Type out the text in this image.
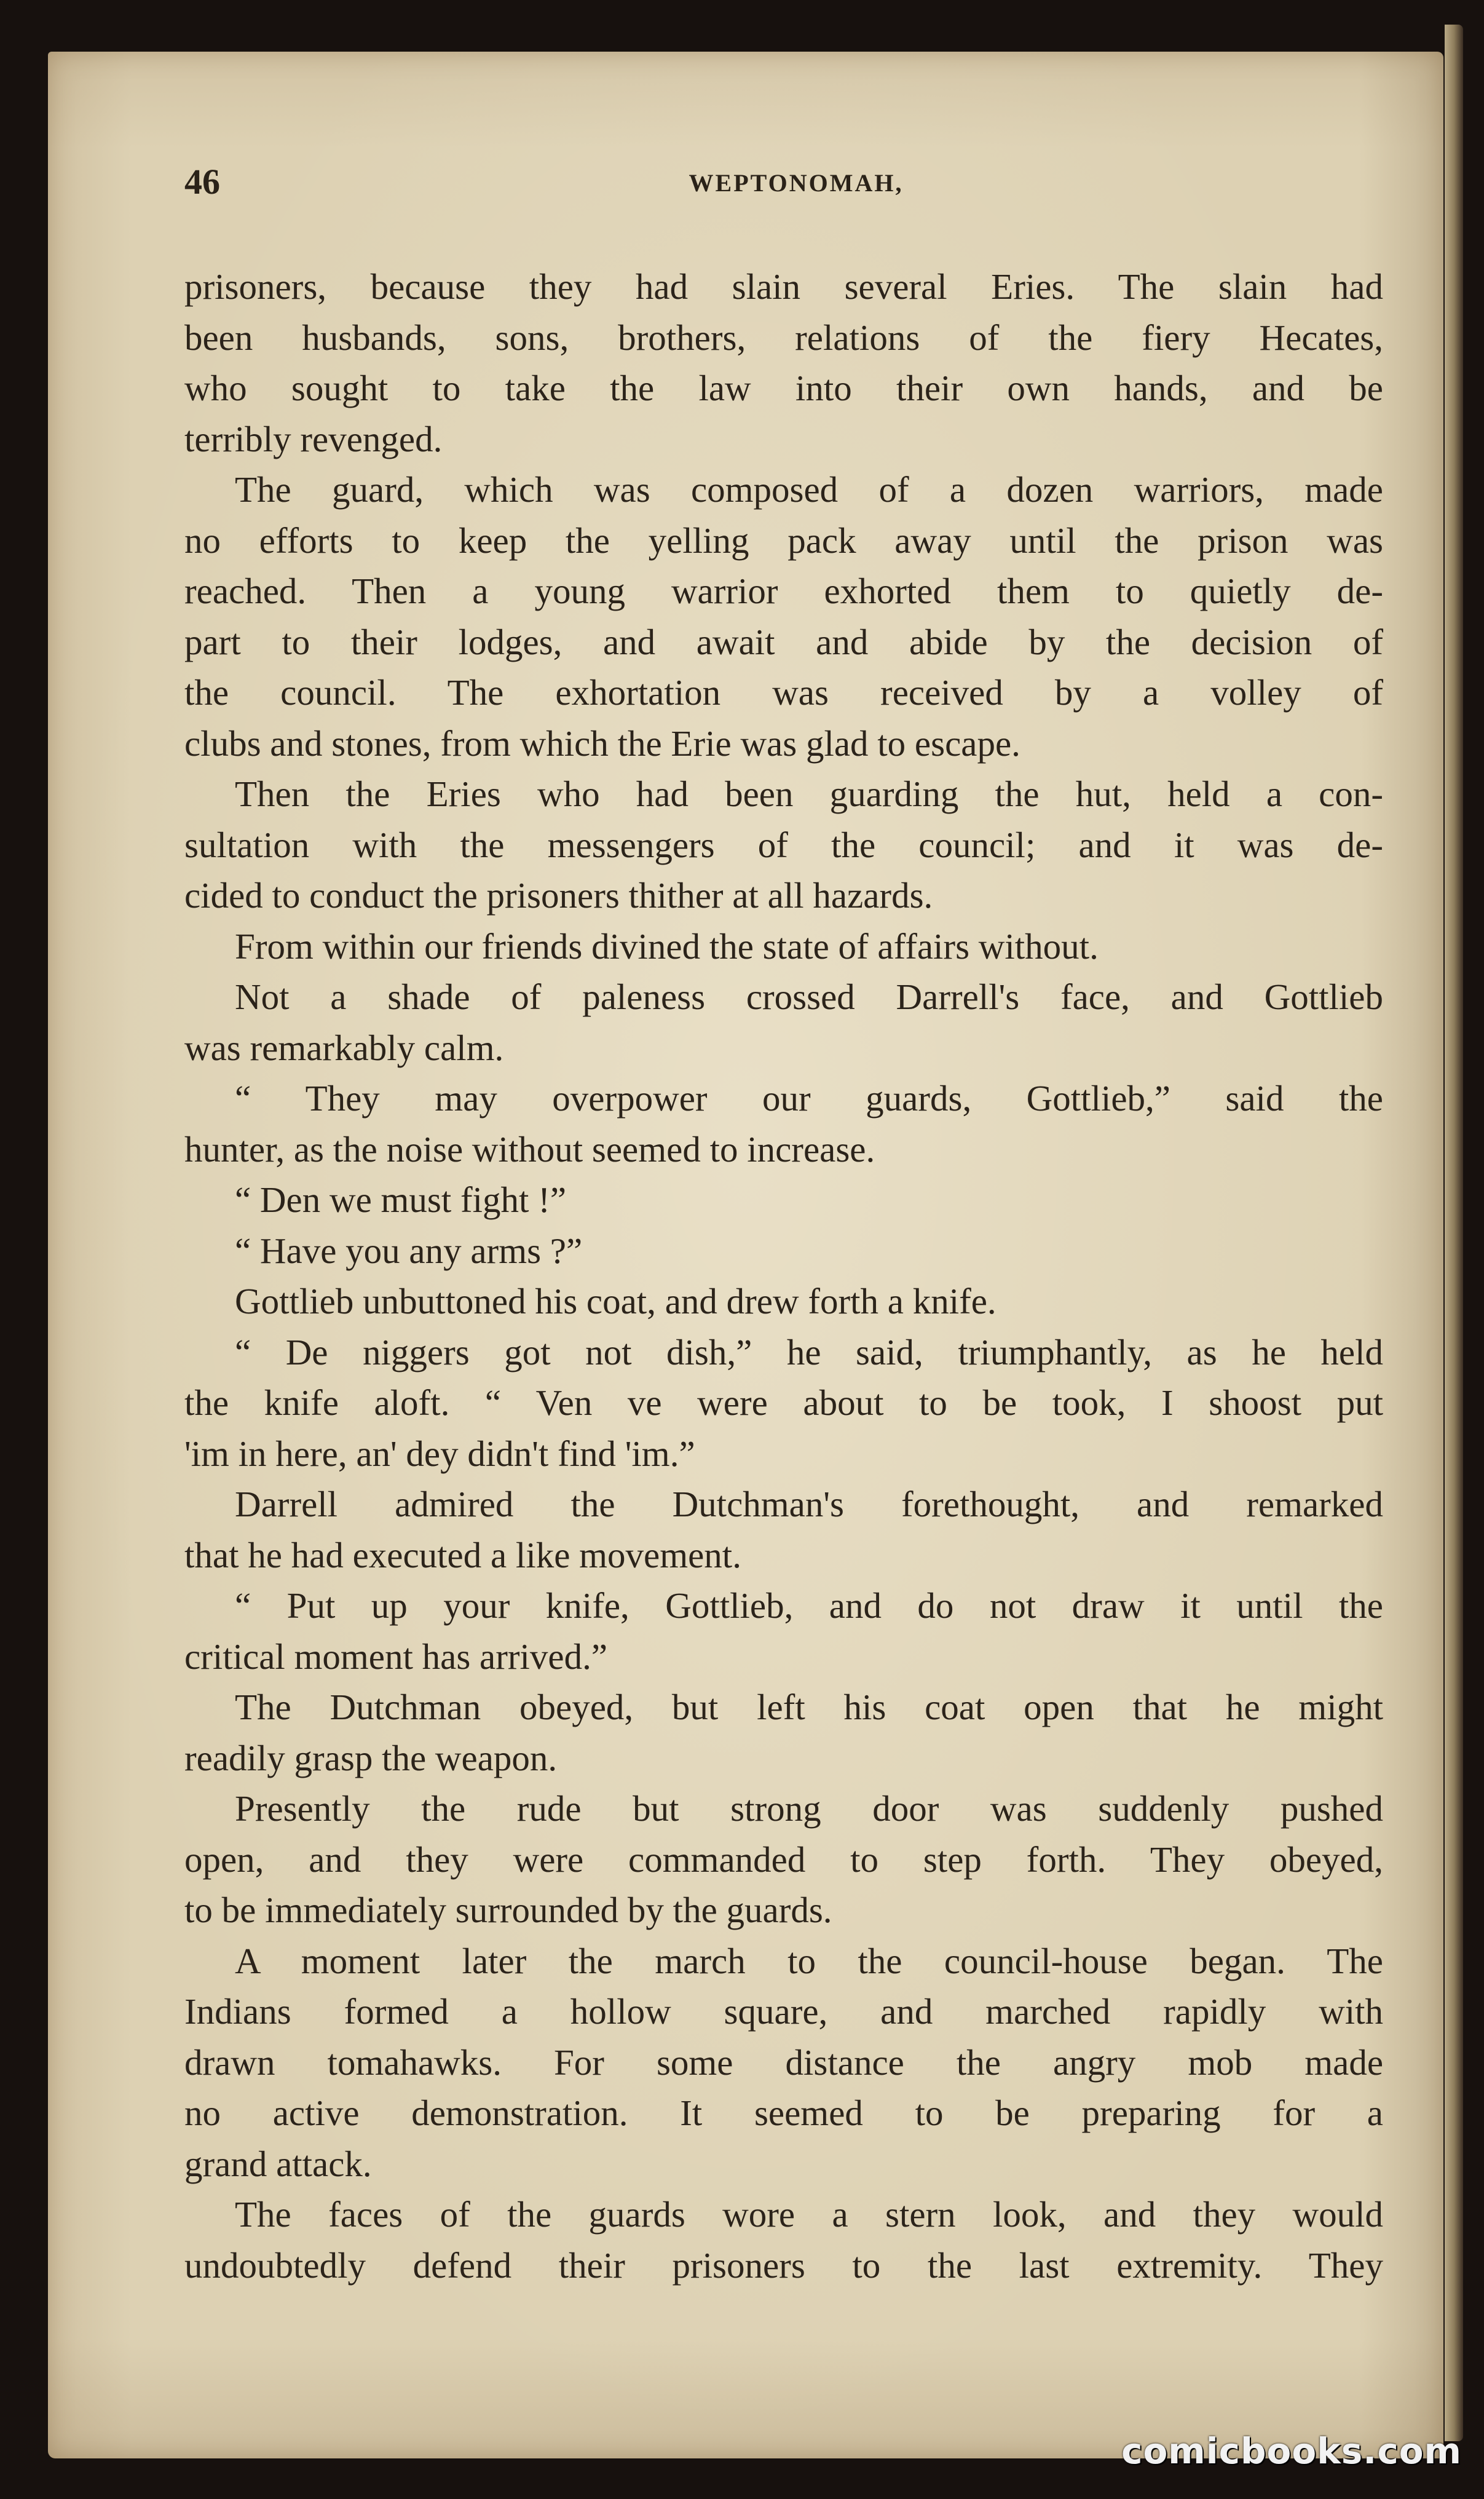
46	WEPTONOMAH,
prisoners, because they had slain several Eries. The slain had
been husbands, sons, brothers, relations of the fiery Hecates,
who sought to take the law into their own hands, and be
terribly revenged.
The guard, which was composed of a dozen warriors, made
no efforts to keep the yelling pack away until the prison was
reached. Then a young warrior exhorted them to quietly de-
part to their lodges, and await and abide by the decision of
the council. The exhortation was received by a volley of
clubs and stones, from which the Erie was glad to escape.
Then the Eries who had been guarding the hut, held a con-
sultation with the messengers of the council; and it was de-
cided to conduct the prisoners thither at all hazards.
From within our friends divined the state of affairs without.
Not a shade of paleness crossed Darrell's face, and Gottlieb
was remarkably calm.
“ They may overpower our guards, Gottlieb,” said the
hunter, as the noise without seemed to increase.
“ Den we must fight !”
“ Have you any arms ?”
Gottlieb unbuttoned his coat, and drew forth a knife.
“ De niggers got not dish,” he said, triumphantly, as he held
the knife aloft. “ Ven ve were about to be took, I shoost put
'im in here, an' dey didn't find 'im.”
Darrell admired the Dutchman's forethought, and remarked
that he had executed a like movement.
“ Put up your knife, Gottlieb, and do not draw it until the
critical moment has arrived.”
The Dutchman obeyed, but left his coat open that he might
readily grasp the weapon.
Presently the rude but strong door was suddenly pushed
open, and they were commanded to step forth. They obeyed,
to be immediately surrounded by the guards.
A moment later the march to the council-house began. The
Indians formed a hollow square, and marched rapidly with
drawn tomahawks. For some distance the angry mob made
no active demonstration. It seemed to be preparing for a
grand attack.
The faces of the guards wore a stern look, and they would
undoubtedly defend their prisoners to the last extremity. They
comicbooks.com
